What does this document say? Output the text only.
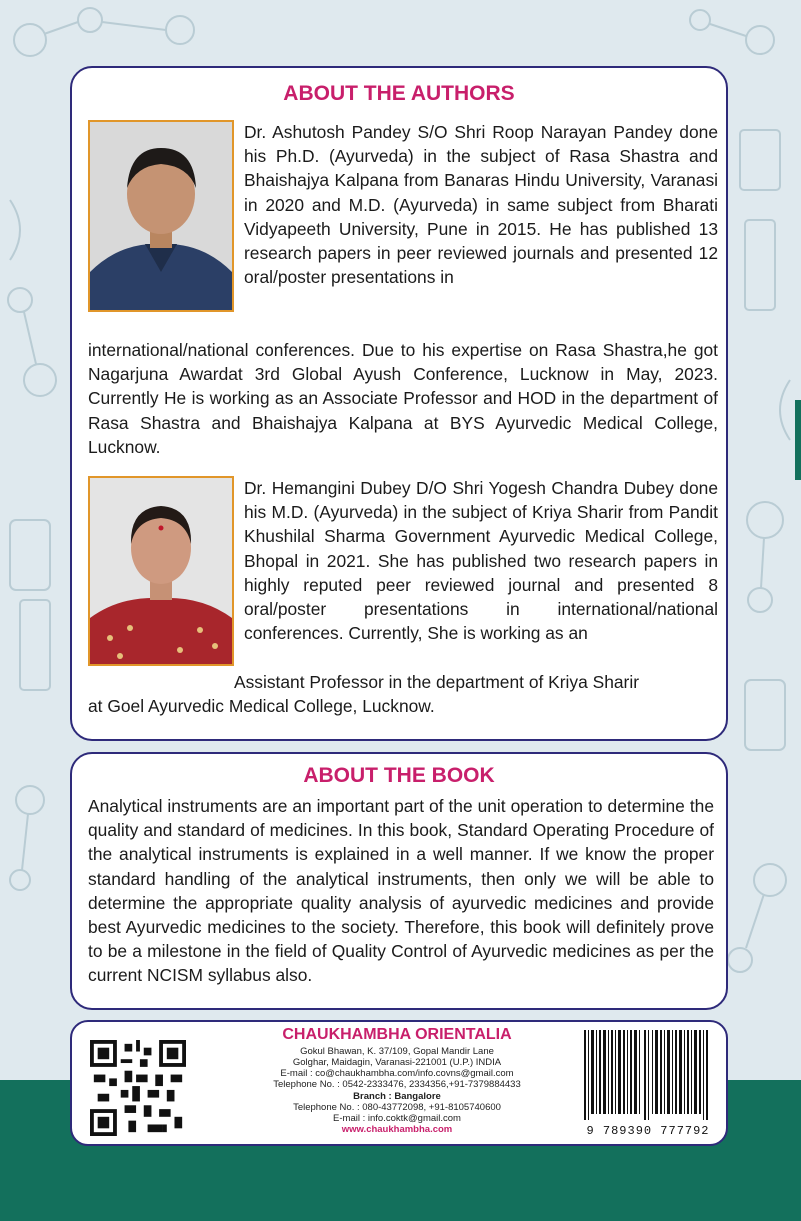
ABOUT THE AUTHORS

Dr. Ashutosh Pandey S/O Shri Roop Narayan Pandey done his Ph.D. (Ayurveda) in the subject of Rasa Shastra and Bhaishajya Kalpana from Banaras Hindu University, Varanasi in 2020 and M.D. (Ayurveda) in same subject from Bharati Vidyapeeth University, Pune in 2015. He has published 13 research papers in peer reviewed journals and presented 12 oral/poster presentations in

international/national conferences. Due to his expertise on Rasa Shastra,he got Nagarjuna Awardat 3rd Global Ayush Conference, Lucknow in May, 2023. Currently He is working as an Associate Professor and HOD in the department of Rasa Shastra and Bhaishajya Kalpana at BYS Ayurvedic Medical College, Lucknow.

Dr. Hemangini Dubey D/O Shri Yogesh Chandra Dubey done his M.D. (Ayurveda) in the subject of Kriya Sharir from Pandit Khushilal Sharma Government Ayurvedic Medical College, Bhopal in 2021. She has published two research papers in highly reputed peer reviewed journal and presented 8 oral/poster presentations in international/national conferences. Currently, She is working as an

Assistant Professor in the department of Kriya Sharir

at Goel Ayurvedic Medical College, Lucknow.

ABOUT THE BOOK

Analytical instruments are an important part of the unit operation to determine the quality and standard of medicines. In this book, Standard Operating Procedure of the analytical instruments is explained in a well manner. If we know the proper standard handling of the analytical instruments, then only we will be able to determine the appropriate quality analysis of ayurvedic medicines and provide best Ayurvedic medicines to the society. Therefore, this book will definitely prove to be a milestone in the field of Quality Control of Ayurvedic medicines as per the current NCISM syllabus also.

CHAUKHAMBHA ORIENTALIA

Gokul Bhawan, K. 37/109, Gopal Mandir Lane

Golghar, Maidagin, Varanasi-221001 (U.P.) INDIA

E-mail : co@chaukhambha.com/info.covns@gmail.com

Telephone No. : 0542-2333476, 2334356,+91-7379884433

Branch : Bangalore

Telephone No. : 080-43772098, +91-8105740600

E-mail : info.coktk@gmail.com

www.chaukhambha.com	9 789390 777792
